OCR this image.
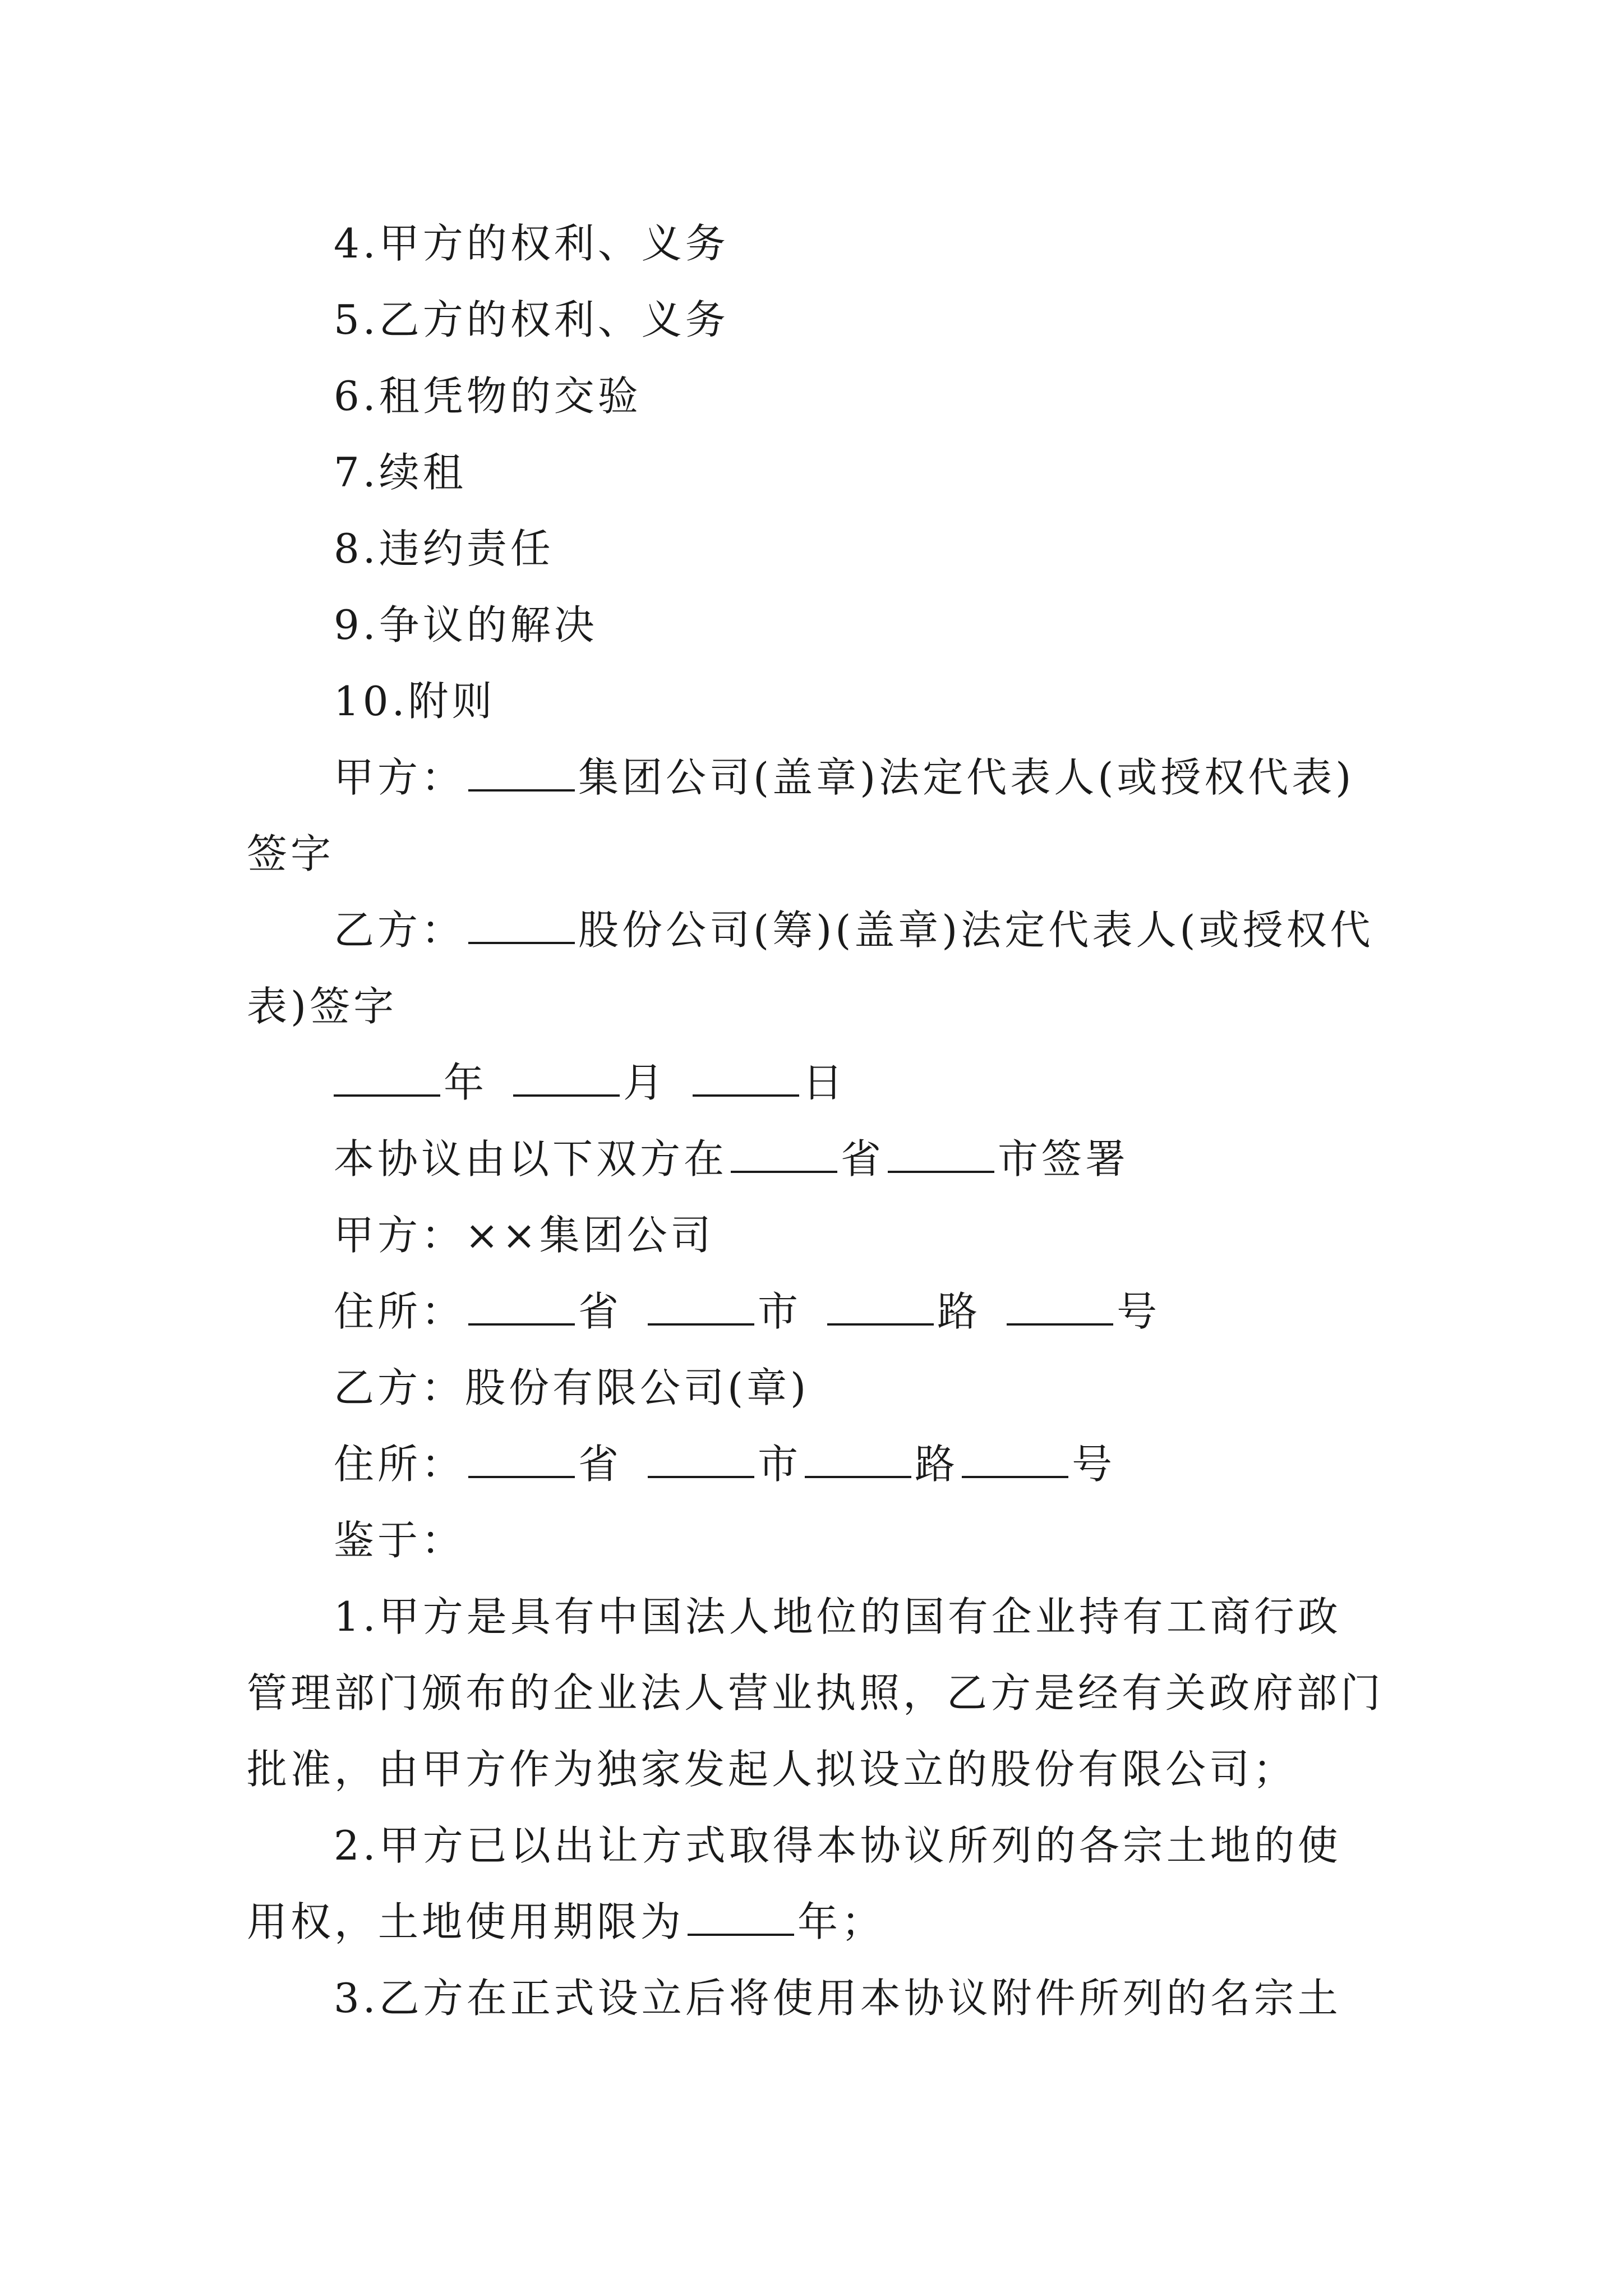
4.甲方的权利、义务
5.乙方的权利、义务
6.租凭物的交验
7.续租
8.违约责任
9.争议的解决
10.附则
甲方：	集团公司(盖章)法定代表人(或授权代表)
签字
乙方：	股份公司(筹)(盖章)法定代表人(或授权代
表)签字
年	月	日
本协议由以下双方在	省	市签署
甲方：××集团公司
住所：	省	市	路	号
乙方：股份有限公司(章)
住所：	省	市	路	号
鉴于：
1.甲方是具有中国法人地位的国有企业持有工商行政
管理部门颁布的企业法人营业执照，乙方是经有关政府部门
批准，由甲方作为独家发起人拟设立的股份有限公司；
2.甲方已以出让方式取得本协议所列的各宗土地的使
用权，土地使用期限为	年；
3.乙方在正式设立后将使用本协议附件所列的名宗土
